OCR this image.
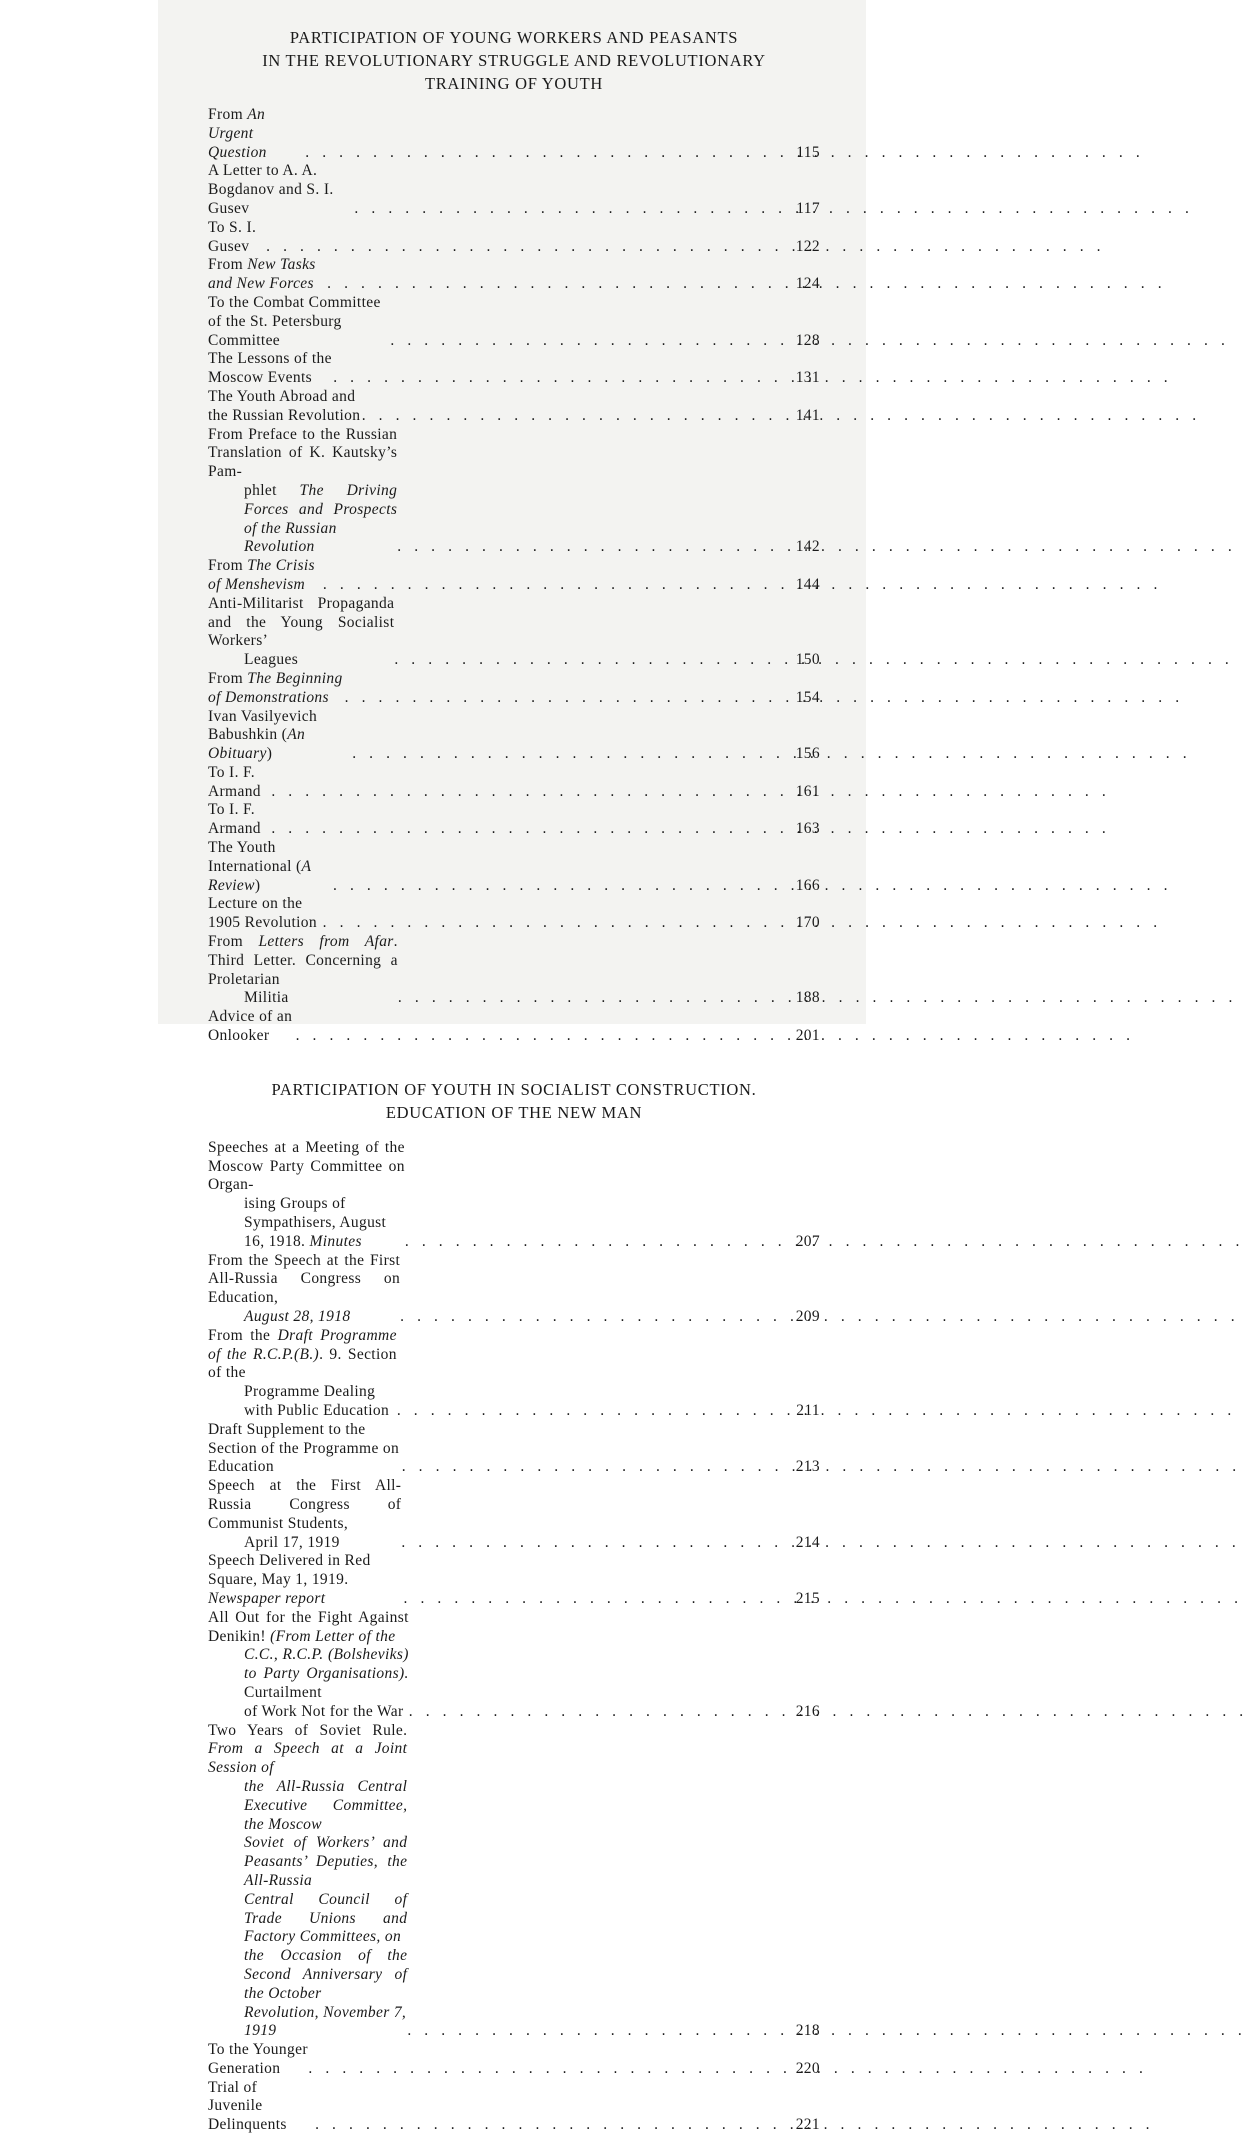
PARTICIPATION OF YOUNG WORKERS AND PEASANTS
IN THE REVOLUTIONARY STRUGGLE AND REVOLUTIONARY
TRAINING OF YOUTH
From An Urgent Question . . .	115
A Letter to A. A. Bogdanov and S. I. Gusev . . .	117
To S. I. Gusev . . .	122
From New Tasks and New Forces . . .	124
To the Combat Committee of the St. Petersburg Committee . . .	128
The Lessons of the Moscow Events . . .	131
The Youth Abroad and the Russian Revolution . . .	141
From Preface to the Russian Translation of K. Kautsky’s Pam-
phlet The Driving Forces and Prospects of the Russian
Revolution . . .	142
From The Crisis of Menshevism . . .	144
Anti-Militarist Propaganda and the Young Socialist Workers’
Leagues . . .	150
From The Beginning of Demonstrations . . .	154
Ivan Vasilyevich Babushkin (An Obituary) . . .	156
To I. F. Armand . . .	161
To I. F. Armand . . .	163
The Youth International (A Review) . . .	166
Lecture on the 1905 Revolution . . .	170
From Letters from Afar. Third Letter. Concerning a Proletarian
Militia . . .	188
Advice of an Onlooker . . .	201
PARTICIPATION OF YOUTH IN SOCIALIST CONSTRUCTION.
EDUCATION OF THE NEW MAN
Speeches at a Meeting of the Moscow Party Committee on Organ-
ising Groups of Sympathisers, August 16, 1918. Minutes . . .	207
From the Speech at the First All-Russia Congress on Education,
August 28, 1918 . . .	209
From the Draft Programme of the R.C.P.(B.). 9. Section of the
Programme Dealing with Public Education . . .	211
Draft Supplement to the Section of the Programme on Education . . .	213
Speech at the First All-Russia Congress of Communist Students,
April 17, 1919 . . .	214
Speech Delivered in Red Square, May 1, 1919. Newspaper report . . .	215
All Out for the Fight Against Denikin! (From Letter of the
C.C., R.C.P. (Bolsheviks) to Party Organisations). Curtailment
of Work Not for the War . . .	216
Two Years of Soviet Rule. From a Speech at a Joint Session of
the All-Russia Central Executive Committee, the Moscow
Soviet of Workers’ and Peasants’ Deputies, the All-Russia
Central Council of Trade Unions and Factory Committees, on
the Occasion of the Second Anniversary of the October
Revolution, November 7, 1919 . . .	218
To the Younger Generation . . .	220
Trial of Juvenile Delinquents . . .	221
